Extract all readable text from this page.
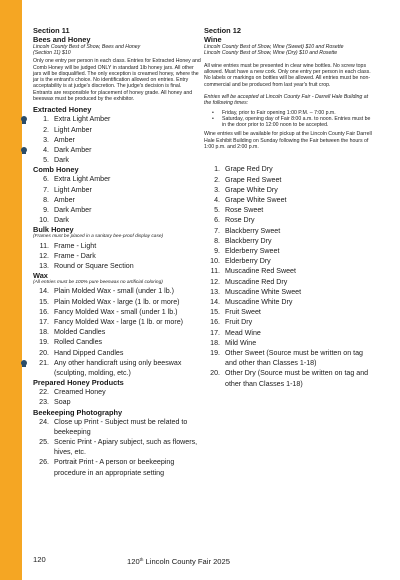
Section 11
Bees and Honey
Lincoln County Best of Show, Bees and Honey
(Section 11) $10
Only one entry per person in each class. Entries for Extracted Honey and Comb Honey will be judged ONLY in standard 1lb honey jars. All other jars will be disqualified. The only exception is creamed honey, where the jar is the entrant's choice. No identification allowed on entries. Entry acceptability is at judge's discretion. The judge's decision is final. Entrants are responsible for placement of honey grade. All honey and beeswax must be produced by the exhibitor.
Extracted Honey
1. Extra Light Amber
2. Light Amber
3. Amber
4. Dark Amber
5. Dark
Comb Honey
6. Extra Light Amber
7. Light Amber
8. Amber
9. Dark Amber
10. Dark
Bulk Honey
(Frames must be placed in a sanitary bee-proof display case)
11. Frame - Light
12. Frame - Dark
13. Round or Square Section
Wax
(All entries must be 100% pure beeswax no artificial coloring)
14. Plain Molded Wax - small (under 1 lb.)
15. Plain Molded Wax - large (1 lb. or more)
16. Fancy Molded Wax - small (under 1 lb.)
17. Fancy Molded Wax - large (1 lb. or more)
18. Molded Candles
19. Rolled Candles
20. Hand Dipped Candles
21. Any other handicraft using only beeswax (sculpting, molding, etc.)
Prepared Honey Products
22. Creamed Honey
23. Soap
Beekeeping Photography
24. Close up Print - Subject must be related to beekeeping
25. Scenic Print - Apiary subject, such as flowers, hives, etc.
26. Portrait Print - A person or beekeeping procedure in an appropriate setting
Section 12
Wine
Lincoln County Best of Show, Wine (Sweet) $10 and Rosette
Lincoln County Best of Show, Wine (Dry) $10 and Rosette
All wine entries must be presented in clear wine bottles. No screw tops allowed. Must have a new cork. Only one entry per person in each class. No labels or markings on bottles will be allowed. All entries must be non-commercial and be produced from last year's fruit crop.
Entries will be accepted at Lincoln County Fair - Darrell Hale Building at the following times:
• Friday, prior to Fair opening 1:00 P.M. – 7:00 p.m.
• Saturday, opening day of Fair 8:00 a.m. to noon. Entries must be in the door prior to 12:00 noon to be accepted.
Wine entries will be available for pickup at the Lincoln County Fair Darrell Hale Exhibit Building on Sunday following the Fair between the hours of 1:00 p.m. and 2:00 p.m.
1. Grape Red Dry
2. Grape Red Sweet
3. Grape White Dry
4. Grape White Sweet
5. Rose Sweet
6. Rose Dry
7. Blackberry Sweet
8. Blackberry Dry
9. Elderberry Sweet
10. Elderberry Dry
11. Muscadine Red Sweet
12. Muscadine Red Dry
13. Muscadine White Sweet
14. Muscadine White Dry
15. Fruit Sweet
16. Fruit Dry
17. Mead Wine
18. Mild Wine
19. Other Sweet (Source must be written on tag and other than Classes 1-18)
20. Other Dry (Source must be written on tag and other than Classes 1-18)
120	120th Lincoln County Fair 2025
